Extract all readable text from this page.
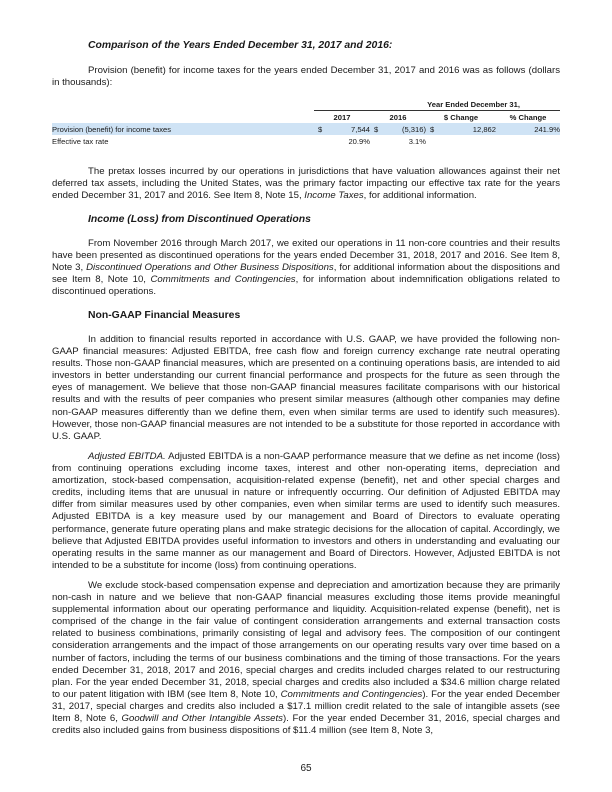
Comparison of the Years Ended December 31, 2017 and 2016:

Provision (benefit) for income taxes for the years ended December 31, 2017 and 2016 was as follows (dollars in thousands):

	Year Ended December 31,						
	2017		2016		$ Change		% Change
Provision (benefit) for income taxes	$	7,544	$	(5,316)	$	12,862	241.9%
Effective tax rate		20.9%		3.1%			

The pretax losses incurred by our operations in jurisdictions that have valuation allowances against their net deferred tax assets, including the United States, was the primary factor impacting our effective tax rate for the years ended December 31, 2017 and 2016. See Item 8, Note 15, Income Taxes, for additional information.

Income (Loss) from Discontinued Operations

From November 2016 through March 2017, we exited our operations in 11 non-core countries and their results have been presented as discontinued operations for the years ended December 31, 2018, 2017 and 2016. See Item 8, Note 3, Discontinued Operations and Other Business Dispositions, for additional information about the dispositions and see Item 8, Note 10, Commitments and Contingencies, for information about indemnification obligations related to discontinued operations.

Non-GAAP Financial Measures

In addition to financial results reported in accordance with U.S. GAAP, we have provided the following non-GAAP financial measures: Adjusted EBITDA, free cash flow and foreign currency exchange rate neutral operating results. Those non-GAAP financial measures, which are presented on a continuing operations basis, are intended to aid investors in better understanding our current financial performance and prospects for the future as seen through the eyes of management. We believe that those non-GAAP financial measures facilitate comparisons with our historical results and with the results of peer companies who present similar measures (although other companies may define non-GAAP measures differently than we define them, even when similar terms are used to identify such measures). However, those non-GAAP financial measures are not intended to be a substitute for those reported in accordance with U.S. GAAP.

Adjusted EBITDA. Adjusted EBITDA is a non-GAAP performance measure that we define as net income (loss) from continuing operations excluding income taxes, interest and other non-operating items, depreciation and amortization, stock-based compensation, acquisition-related expense (benefit), net and other special charges and credits, including items that are unusual in nature or infrequently occurring. Our definition of Adjusted EBITDA may differ from similar measures used by other companies, even when similar terms are used to identify such measures. Adjusted EBITDA is a key measure used by our management and Board of Directors to evaluate operating performance, generate future operating plans and make strategic decisions for the allocation of capital. Accordingly, we believe that Adjusted EBITDA provides useful information to investors and others in understanding and evaluating our operating results in the same manner as our management and Board of Directors. However, Adjusted EBITDA is not intended to be a substitute for income (loss) from continuing operations.

We exclude stock-based compensation expense and depreciation and amortization because they are primarily non-cash in nature and we believe that non-GAAP financial measures excluding those items provide meaningful supplemental information about our operating performance and liquidity. Acquisition-related expense (benefit), net is comprised of the change in the fair value of contingent consideration arrangements and external transaction costs related to business combinations, primarily consisting of legal and advisory fees. The composition of our contingent consideration arrangements and the impact of those arrangements on our operating results vary over time based on a number of factors, including the terms of our business combinations and the timing of those transactions. For the years ended December 31, 2018, 2017 and 2016, special charges and credits included charges related to our restructuring plan. For the year ended December 31, 2018, special charges and credits also included a $34.6 million charge related to our patent litigation with IBM (see Item 8, Note 10, Commitments and Contingencies). For the year ended December 31, 2017, special charges and credits also included a $17.1 million credit related to the sale of intangible assets (see Item 8, Note 6, Goodwill and Other Intangible Assets). For the year ended December 31, 2016, special charges and credits also included gains from business dispositions of $11.4 million (see Item 8, Note 3,

65
